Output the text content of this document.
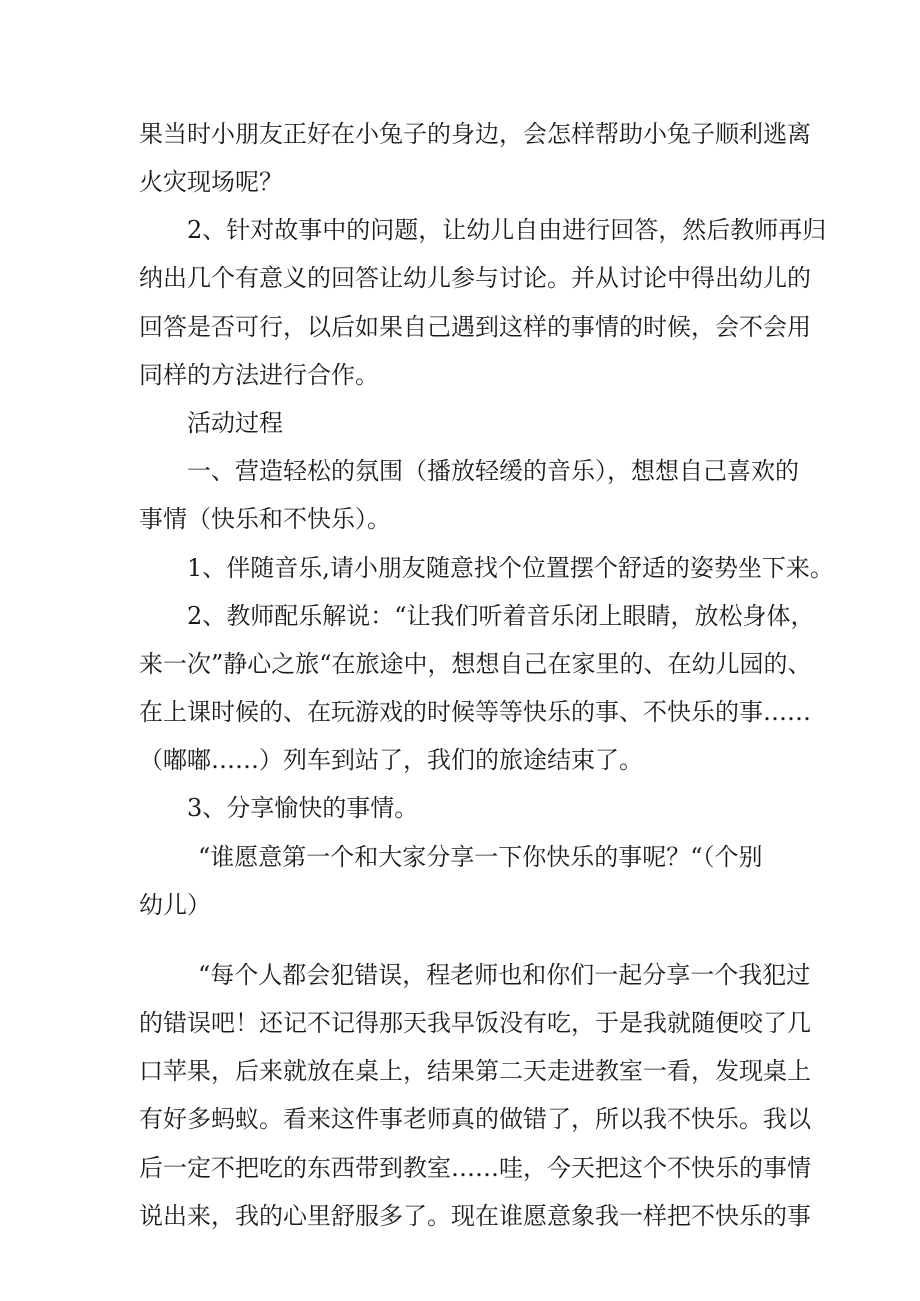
果当时小朋友正好在小兔子的身边，会怎样帮助小兔子顺利逃离
火灾现场呢？
2、针对故事中的问题，让幼儿自由进行回答，然后教师再归
纳出几个有意义的回答让幼儿参与讨论。并从讨论中得出幼儿的
回答是否可行，以后如果自己遇到这样的事情的时候，会不会用
同样的方法进行合作。
活动过程
一、营造轻松的氛围（播放轻缓的音乐），想想自己喜欢的
事情（快乐和不快乐）。
1、伴随音乐,请小朋友随意找个位置摆个舒适的姿势坐下来。
2、教师配乐解说：“让我们听着音乐闭上眼睛，放松身体，
来一次”静心之旅“在旅途中，想想自己在家里的、在幼儿园的、
在上课时候的、在玩游戏的时候等等快乐的事、不快乐的事……
（嘟嘟……）列车到站了，我们的旅途结束了。
3、分享愉快的事情。
“谁愿意第一个和大家分享一下你快乐的事呢？“（个别
幼儿）
“每个人都会犯错误，程老师也和你们一起分享一个我犯过
的错误吧！还记不记得那天我早饭没有吃，于是我就随便咬了几
口苹果，后来就放在桌上，结果第二天走进教室一看，发现桌上
有好多蚂蚁。看来这件事老师真的做错了，所以我不快乐。我以
后一定不把吃的东西带到教室……哇，今天把这个不快乐的事情
说出来，我的心里舒服多了。现在谁愿意象我一样把不快乐的事
